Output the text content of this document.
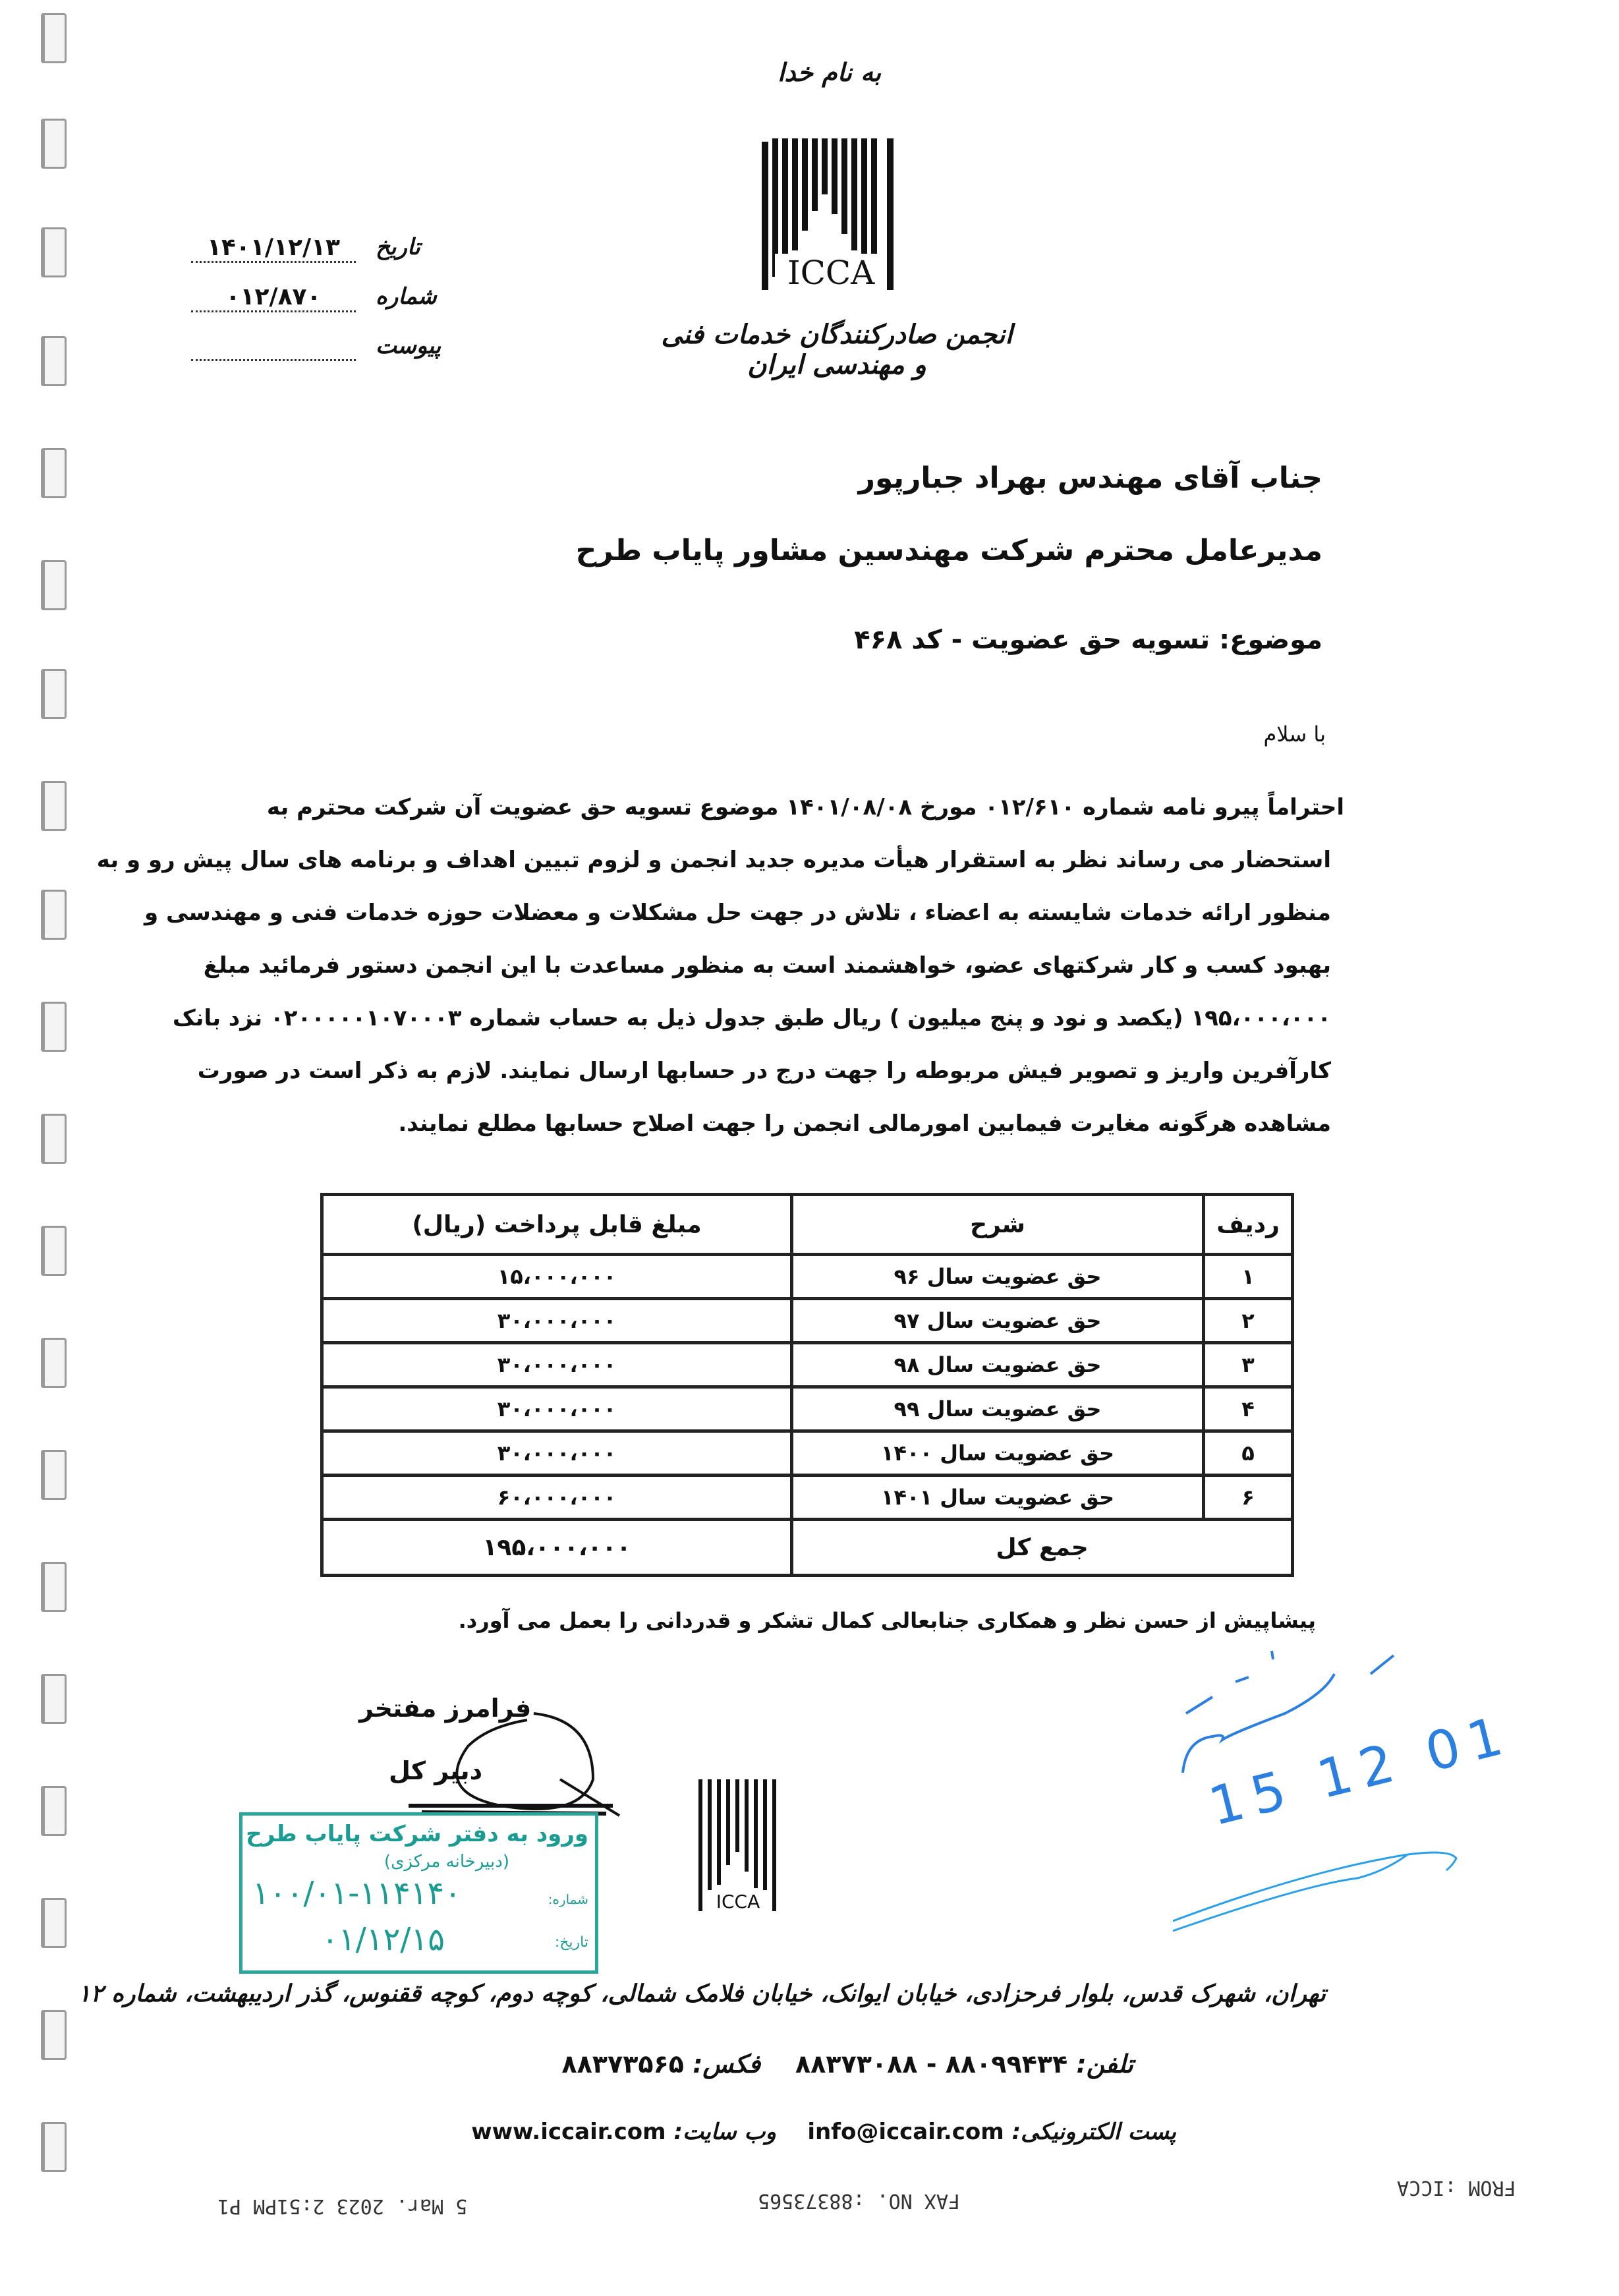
به نام خدا
ICCA
انجمن صادرکنندگان خدمات فنی و مهندسی ایران
تاریخ
۱۴۰۱/۱۲/۱۳
شماره
۰۱۲/۸۷۰
پیوست
جناب آقای مهندس بهراد جبارپور
مدیرعامل محترم شرکت مهندسین مشاور پایاب طرح
موضوع: تسویه حق عضویت - کد ۴۶۸
با سلام
احتراماً پیرو نامه شماره ۰۱۲/۶۱۰ مورخ ۱۴۰۱/۰۸/۰۸ موضوع تسویه حق عضویت آن شرکت محترم به
استحضار می رساند نظر به استقرار هیأت مدیره جدید انجمن و لزوم تبیین اهداف و برنامه های سال پیش رو و به
منظور ارائه خدمات شایسته به اعضاء ، تلاش در جهت حل مشکلات و معضلات حوزه خدمات فنی و مهندسی و
بهبود کسب و کار شرکتهای عضو، خواهشمند است به منظور مساعدت با این انجمن دستور فرمائید مبلغ
۱۹۵،۰۰۰،۰۰۰ (یکصد و نود و پنج میلیون ) ریال طبق جدول ذیل به حساب شماره ۰۲۰۰۰۰۰۱۰۷۰۰۰۳ نزد بانک
کارآفرین واریز و تصویر فیش مربوطه را جهت درج در حسابها ارسال نمایند. لازم به ذکر است در صورت
مشاهده هرگونه مغایرت فیمابین امورمالی انجمن را جهت اصلاح حسابها مطلع نمایند.
ردیف	شرح	مبلغ قابل پرداخت (ریال)
۱	حق عضویت سال ۹۶	۱۵،۰۰۰،۰۰۰
۲	حق عضویت سال ۹۷	۳۰،۰۰۰،۰۰۰
۳	حق عضویت سال ۹۸	۳۰،۰۰۰،۰۰۰
۴	حق عضویت سال ۹۹	۳۰،۰۰۰،۰۰۰
۵	حق عضویت سال ۱۴۰۰	۳۰،۰۰۰،۰۰۰
۶	حق عضویت سال ۱۴۰۱	۶۰،۰۰۰،۰۰۰
جمع کل		۱۹۵،۰۰۰،۰۰۰
پیشاپیش از حسن نظر و همکاری جنابعالی کمال تشکر و قدردانی را بعمل می آورد.
فرامرز مفتخر
دبیر کل
ICCA
ورود به دفتر شرکت پایاب طرح
(دبیرخانه مرکزی)
شماره:
۱۰۰/۰۱-۱۱۴۱۴۰
تاریخ:
۰۱/۱۲/۱۵
15 12 01
تهران، شهرک قدس، بلوار فرحزادی، خیابان ایوانک، خیابان فلامک شمالی، کوچه دوم، کوچه ققنوس، گذر اردیبهشت، شماره ۱۲
تلفن: ۸۸۰۹۹۴۳۴ - ۸۸۳۷۳۰۸۸    فکس: ۸۸۳۷۳۵۶۵
پست الکترونیکی: info@iccair.com    وب سایت: www.iccair.com
5 Mar. 2023 2:51PM P1	FAX NO. :88373565
FROM :ICCA
